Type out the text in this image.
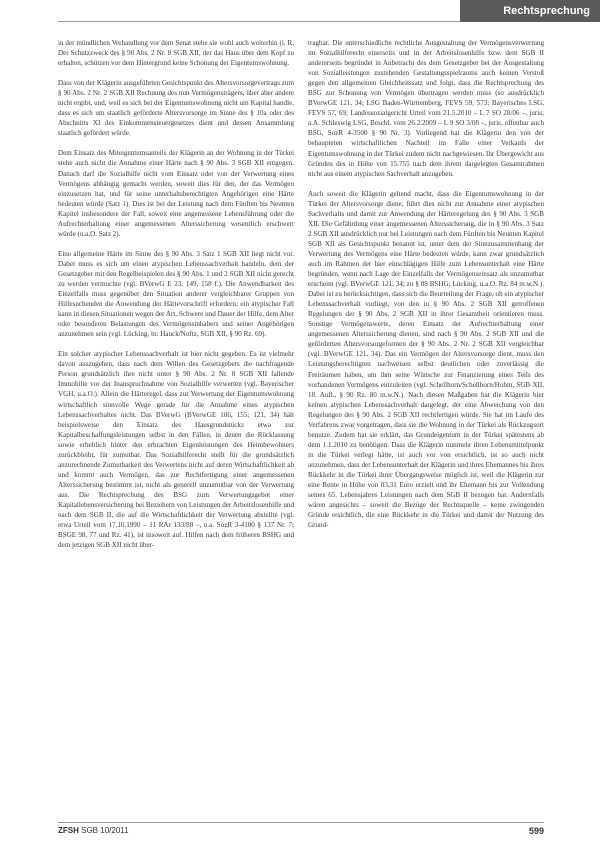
Rechtsprechung

in der mündlichen Verhandlung vor dem Senat stehe sie wohl auch weiterhin (i. R. Der Schutzzweck des § 90 Abs. 2 Nr. 8 SGB XII, der das Haus über dem Kopf zu erhalten, schützen vor dem Hintergrund keine Schonung der Eigentumswohnung.

Dass von der Klägerin ausgeführten Gesichtspunkt des Altersvorsorgevertrags zum § 90 Abs. 2 Nr. 2 SGB XII Rechnung des nun Vermögensträgers, über aber andere nicht ergibt, und, weil es sich bei der Eigentumswohnung nicht um Kapital handle, dass es sich um staatlich geförderte Altersvorsorge im Sinne des § 10a oder des Abschnitts XI des Einkommensteuergesetzes dient und dessen Ansammlung staatlich gefördert würde.

Dem Einsatz des Miteigentumsanteils der Klägerin an der Wohnung in der Türkei stehe auch nicht die Annahme einer Härte nach § 90 Abs. 3 SGB XII entgegen. Danach darf die Sozialhilfe nicht vom Einsatz oder von der Verwertung eines Vermögens abhängig gemacht werden, soweit dies für den, der das Vermögen einzusetzen hat, und für seine unterhaltsberechtigten Angehörigen eine Härte bedeuten würde (Satz 1). Dies ist bei der Leistung nach dem Fünften bis Neunten Kapitel insbesondere der Fall, soweit eine angemessene Lebensführung oder die Aufrechterhaltung einer angemessenen Alterssicherung wesentlich erschwert würde (u.a.O. Satz 2).

Eine allgemeine Härte im Sinne des § 90 Abs. 3 Satz 1 SGB XII liegt nicht vor. Dabei muss es sich um einen atypischen Lebenssachverhalt handeln, dem der Gesetzgeber mit den Regelbeispielen des § 90 Abs. 1 und 2 SGB XII nicht gerecht zu werden vermochte (vgl. BVerwG E 23, 149, 158 f.). Die Anwendbarkeit des Einzelfalls muss gegenüber den Situation anderer vergleichbarer Gruppen von Hilfesuchenden die Anwendung der Härtevorschrift erfordern; ein atypischer Fall kann in diesen Situationen wegen der Art, Schwere und Dauer der Hilfe, dem Alter oder besonderen Belastungen des Vermögensinhabers und seiner Angehörigen anzunehmen sein (vgl. Lücking, in: Hauck/Noftz, SGB XII, § 90 Rz. 69).

Ein solcher atypischer Lebenssachverhalt ist hier nicht gegeben. Es ist vielmehr davon auszugehen, dass nach dem Willen des Gesetzgebers die nachfragende Person grundsätzlich ihre nicht unter § 90 Abs. 2 Nr. 8 SGB XII fallende Immobilie vor der Inanspruchnahme von Sozialhilfe verwerten (vgl. Bayerischer VGH, u.a.O.). Allein die Härteregel, dass zur Verwertung der Eigentumswohnung wirtschaftlich sinnvolle Wege gerade für die Annahme eines atypischen Lebenssachverhaltes nicht. Das BVerwG (BVerwGE 106, 155; 121, 34) hält beispielsweise den Einsatz des Hausgrundstücks etwa zur Kapitalbeschaffungsleistungen selbst in den Fällen, in denen die Rücklassung sowie erheblich hinter den erbrachten Eigenleistungen des Heimbewohners zurückbleibt, für zumutbar. Das Sozialhilferecht stellt für die grundsätzlich anzurechnende Zumutbarkeit des Verwertens nicht auf deren Wirtschaftlichkeit ab und kommt auch Vermögen, das zur Rechtfertigung einer angemessenen Alterssicherung bestimmt ist, nicht als generell unzumutbar von der Verwertung aus. Die Rechtsprechung des BSG zum Verwertungsgebot einer Kapitallebensversicherung bei Beziehern von Leistungen der Arbeitslosenhilfe und nach dem SGB II, die auf die Wirtschaftlichkeit der Verwertung abstellte (vgl. etwa Urteil vom 17.10.1990 – 11 RAr 133/88 –, u.a. SozR 3-4100 § 137 Nr. 7; BSGE 98, 77 und Rz. 41), ist insoweit auf. Hilfen nach dem früheren BSHG und dem jetzigen SGB XII nicht über-

tragbar. Die unterschiedliche rechtliche Ausgestaltung der Vermögensverwertung im Sozialhilferecht einerseits und in der Arbeitslosenhilfe bzw. dem SGB II andererseits begründet in Anbetracht des dem Gesetzgeber bei der Ausgestaltung von Sozialleistungen zustehenden Gestaltungsspielraums auch keinen Verstoß gegen den allgemeinen Gleichheitssatz und folgt, dass die Rechtsprechung des BSG zur Schonung von Vermögen übertragen werden muss (so ausdrücklich BVerwGE 121, 34; LSG Baden-Württemberg, FEVS 59, 573; Bayerisches LSG, FEVS 57, 69; Landessozialgericht Urteil vom 21.5.2010 – L 7 SO 28/06 –, juris; a.A. Schleswig LSG, Beschl. vom 26.2.2009 – L 9 SO 3/08 –, juris, offenbar auch BSG, SozR 4-3500 § 90 Nr. 3). Vorliegend hat die Klägerin den von der behaupteten wirtschaftlichen Nachteil im Falle einer Verkaufs der Eigentumswohnung in der Türkei zudem nicht nachgewiesen. Ihr Übergewicht aus Gründen des in Höhe von 15.755 nach dem ihrem dargelegten Gesamtrahmen nicht aus einem atypischen Sachverhalt anzugeben.

Auch soweit die Klägerin geltend macht, dass die Eigentumswohnung in der Türkei der Altersvorsorge diene, führt dies nicht zur Annahme einer atypischen Sachverhalts und damit zur Anwendung der Härteregelung des § 90 Abs. 3 SGB XII. Die Gefährdung einer angemessenen Alterssicherung, die in § 90 Abs. 3 Satz 2 SGB XII ausdrücklich nur bei Leistungen nach dem Fünften bis Neunten Kapitel SGB XII als Gesichtspunkt benannt ist, unter dem der Sinnzusammenhang der Verwertung des Vermögens eine Härte bedeuten würde, kann zwar grundsätzlich auch im Rahmen der hier einschlägigen Hilfe zum Lebensunterhalt eine Härte begründen, wenn nach Lage der Einzelfalls der Vermögenseinsatz als unzumutbar erscheint (vgl. BVerwGE 121, 34; zu § 88 BSHG; Lücking, u.a.O. Rz. 84 m.w.N.). Dabei ist zu berücksichtigen, dass sich die Beurteilung der Frage, ob ein atypischer Lebenssachverhalt vorliegt, von den in § 90 Abs. 2 SGB XII getroffenen Regelungen der § 90 Abs. 2 SGB XII in ihrer Gesamtheit orientieren muss. Sonstige Vermögenswerte, deren Einsatz der Aufrechterhaltung einer angemessenen Alterssicherung dienen, sind nach § 90 Abs. 2 SGB XII und die geförderten Altersvorsorgeformen der § 90 Abs. 2 Nr. 2 SGB XII vergleichbar (vgl. BVerwGE 121, 34). Das ein Vermögen der Altersvorsorge dient, muss den Leistungsberechtigten nachweisen selbst deutlichen oder zuverlässig die Freiräumen haben, um ihm seine Wünsche zur Finanzierung eines Teils des vorhandenen Vermögens einzuleiten (vgl. Schellhorn/Schellhorn/Hohm, SGB XII, 18. Aufl., § 90 Rz. 80 m.w.N.). Nach diesen Maßgaben hat die Klägerin hier keinen atypischen Lebenssachverhalt dargelegt, der eine Abweichung von den Regelungen des § 90 Abs. 2 SGB XII rechtfertigen würde. Sie hat im Laufe des Verfahrens zwar vorgetragen, dass sie die Wohnung in der Türkei als Rückzugsort benutze. Zudem hat sie erklärt, das Grundeigentum in der Türkei spätestens ab dem 1.1.2010 zu benötigen. Dass die Klägerin nunmehr ihren Lebensmittelpunkt in die Türkei verlegt hätte, ist auch vor von ersichtlich, ist so auch nicht anzunehmen, dass der Lebensunterhalt der Klägerin und ihres Ehemannes bis ihres Rückkehr in die Türkei ihrer Übergangsweise möglich ist, weil die Klägerin zur eine Rente in Höhe von 83,31 Euro erzielt und ihr Ehemann bis zur Vollendung seines 65. Lebensjahres Leistungen nach dem SGB II bezogen hat. Andernfalls wären angesichts – soweit die Bezüge der Rechtsquelle – keine zwingenden Gründe ersichtlich, die eine Rückkehr in die Türkei und damit der Nutzung des Grund-

ZFSH SGB 10/2011	599
